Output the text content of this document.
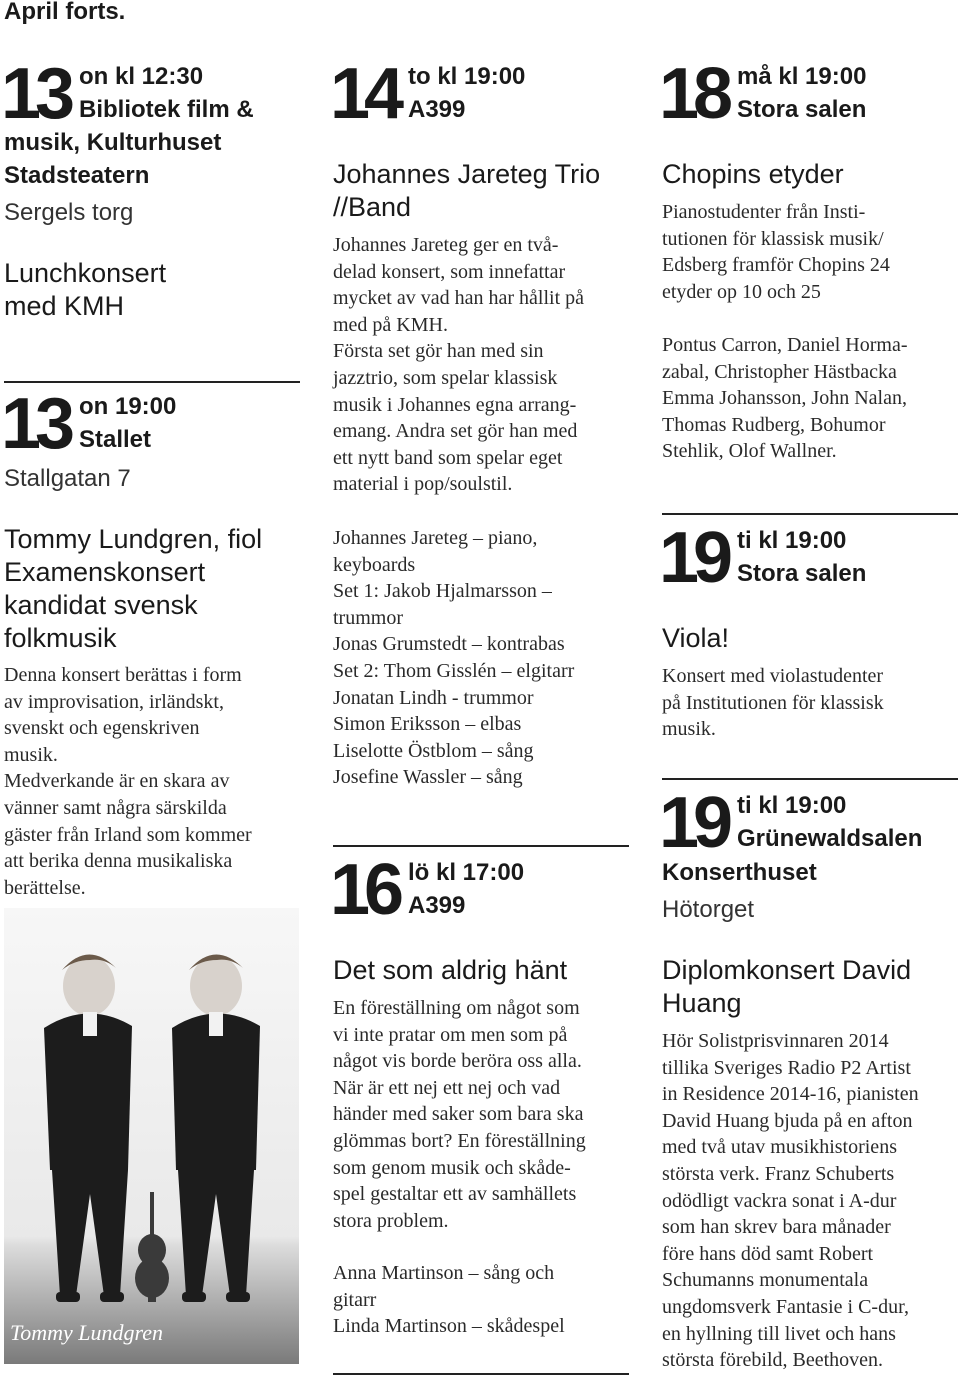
April forts.
13 on kl 12:30
Bibliotek film &
musik, Kulturhuset
Stadsteatern
Sergels torg
Lunchkonsert
med KMH
13 on 19:00
Stallet
Stallgatan 7
Tommy Lundgren, fiol
Examenskonsert
kandidat svensk
folkmusik
Denna konsert berättas i form
av improvisation, irländskt,
svenskt och egenskriven
musik.
Medverkande är en skara av
vänner samt några särskilda
gäster från Irland som kommer
att berika denna musikaliska
berättelse.
Tommy Lundgren
14 to kl 19:00
A399
Johannes Jareteg Trio
//Band
Johannes Jareteg ger en två-
delad konsert, som innefattar
mycket av vad han har hållit på
med på KMH.
Första set gör han med sin
jazztrio, som spelar klassisk
musik i Johannes egna arrang-
emang. Andra set gör han med
ett nytt band som spelar eget
material i pop/soulstil.
Johannes Jareteg – piano,
keyboards
Set 1: Jakob Hjalmarsson –
trummor
Jonas Grumstedt – kontrabas
Set 2: Thom Gisslén – elgitarr
Jonatan Lindh - trummor
Simon Eriksson – elbas
Liselotte Östblom – sång
Josefine Wassler – sång
16 lö kl 17:00
A399
Det som aldrig hänt
En föreställning om något som
vi inte pratar om men som på
något vis borde beröra oss alla.
När är ett nej ett nej och vad
händer med saker som bara ska
glömmas bort? En föreställning
som genom musik och skåde-
spel gestaltar ett av samhällets
stora problem.
Anna Martinson – sång och
gitarr
Linda Martinson – skådespel
18 må kl 19:00
Stora salen
Chopins etyder
Pianostudenter från Insti-
tutionen för klassisk musik/
Edsberg framför Chopins 24
etyder op 10 och 25
Pontus Carron, Daniel Horma-
zabal, Christopher Hästbacka
Emma Johansson, John Nalan,
Thomas Rudberg, Bohumor
Stehlik, Olof Wallner.
19 ti kl 19:00
Stora salen
Viola!
Konsert med violastudenter
på Institutionen för klassisk
musik.
19 ti kl 19:00
Grünewaldsalen
Konserthuset
Hötorget
Diplomkonsert David
Huang
Hör Solistprisvinnaren 2014
tillika Sveriges Radio P2 Artist
in Residence 2014-16, pianisten
David Huang bjuda på en afton
med två utav musikhistoriens
största verk. Franz Schuberts
odödligt vackra sonat i A-dur
som han skrev bara månader
före hans död samt Robert
Schumanns monumentala
ungdomsverk Fantasie i C-dur,
en hyllning till livet och hans
största förebild, Beethoven.
